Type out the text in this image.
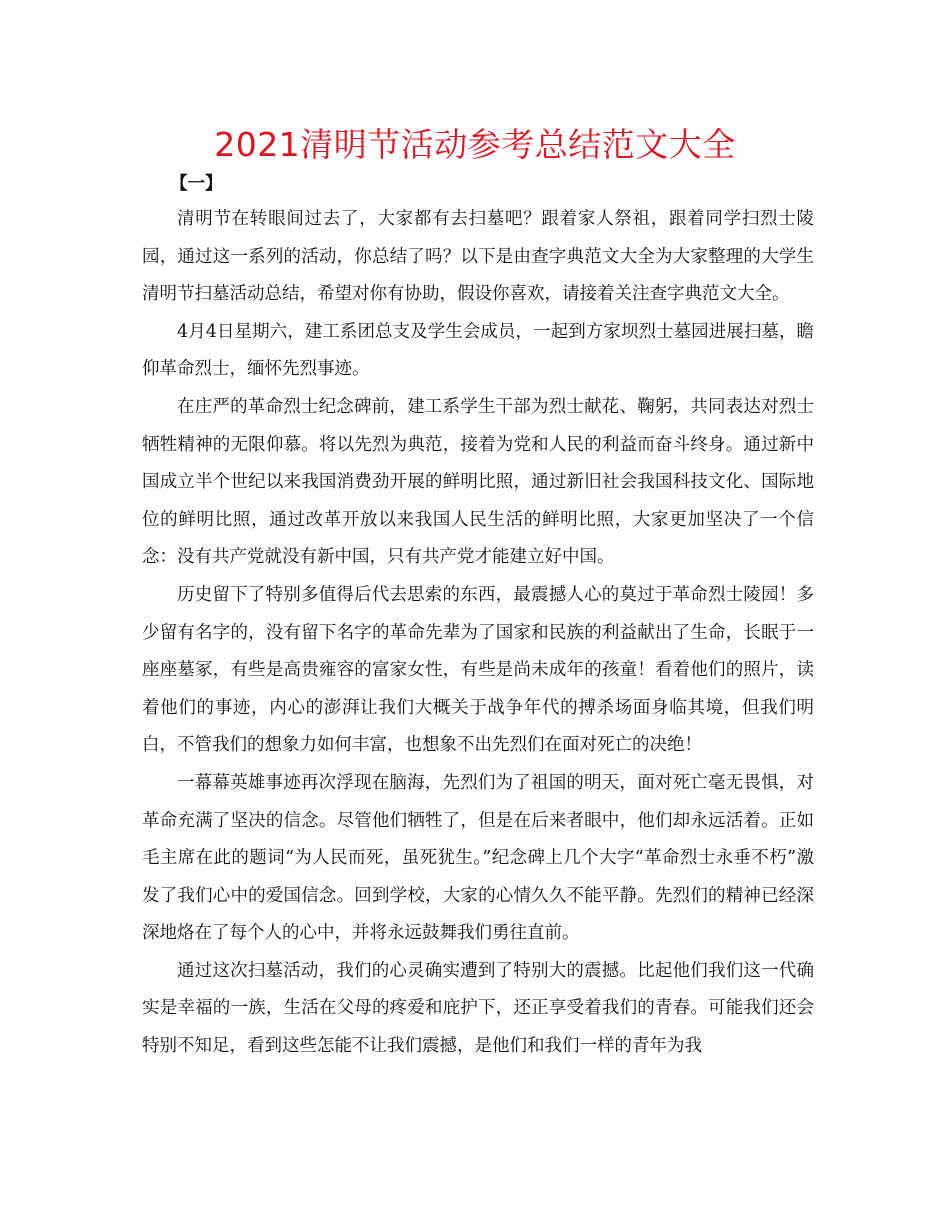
2021清明节活动参考总结范文大全

【一】

清明节在转眼间过去了，大家都有去扫墓吧？跟着家人祭祖，跟着同学扫烈士陵园，通过这一系列的活动，你总结了吗？以下是由查字典范文大全为大家整理的大学生清明节扫墓活动总结，希望对你有协助，假设你喜欢，请接着关注查字典范文大全。

4月4日星期六，建工系团总支及学生会成员，一起到方家坝烈士墓园进展扫墓，瞻仰革命烈士，缅怀先烈事迹。

在庄严的革命烈士纪念碑前，建工系学生干部为烈士献花、鞠躬，共同表达对烈士牺牲精神的无限仰慕。将以先烈为典范，接着为党和人民的利益而奋斗终身。通过新中国成立半个世纪以来我国消费劲开展的鲜明比照，通过新旧社会我国科技文化、国际地位的鲜明比照，通过改革开放以来我国人民生活的鲜明比照，大家更加坚决了一个信念：没有共产党就没有新中国，只有共产党才能建立好中国。

历史留下了特别多值得后代去思索的东西，最震撼人心的莫过于革命烈士陵园！多少留有名字的，没有留下名字的革命先辈为了国家和民族的利益献出了生命，长眠于一座座墓冢，有些是高贵雍容的富家女性，有些是尚未成年的孩童！看着他们的照片，读着他们的事迹，内心的澎湃让我们大概关于战争年代的搏杀场面身临其境，但我们明白，不管我们的想象力如何丰富，也想象不出先烈们在面对死亡的决绝！

一幕幕英雄事迹再次浮现在脑海，先烈们为了祖国的明天，面对死亡毫无畏惧，对革命充满了坚决的信念。尽管他们牺牲了，但是在后来者眼中，他们却永远活着。正如毛主席在此的题词“为人民而死，虽死犹生。”纪念碑上几个大字“革命烈士永垂不朽”激发了我们心中的爱国信念。回到学校，大家的心情久久不能平静。先烈们的精神已经深深地烙在了每个人的心中，并将永远鼓舞我们勇往直前。

通过这次扫墓活动，我们的心灵确实遭到了特别大的震撼。比起他们我们这一代确实是幸福的一族，生活在父母的疼爱和庇护下，还正享受着我们的青春。可能我们还会特别不知足，看到这些怎能不让我们震撼，是他们和我们一样的青年为我
